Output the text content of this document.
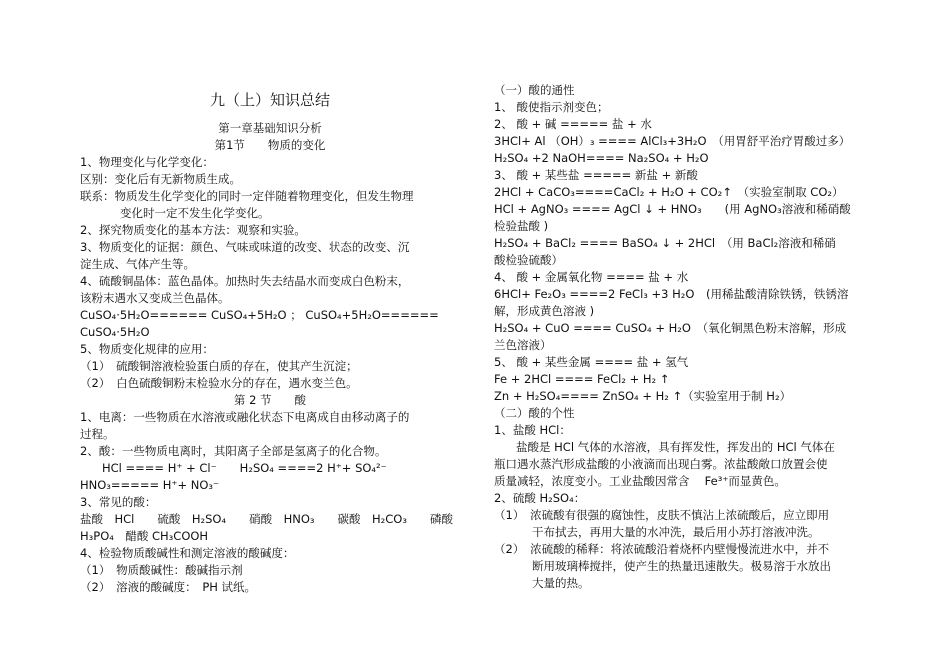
九（上）知识总结
第一章基础知识分析
第1节　　物质的变化
1、物理变化与化学变化：
区别：变化后有无新物质生成。
联系：物质发生化学变化的同时一定伴随着物理变化，但发生物理
变化时一定不发生化学变化。
2、探究物质变化的基本方法：观察和实验。
3、物质变化的证据：颜色、气味或味道的改变、状态的改变、沉
淀生成、气体产生等。
4、硫酸铜晶体：蓝色晶体。加热时失去结晶水而变成白色粉末，
该粉末遇水又变成兰色晶体。
CuSO₄·5H₂O====== CuSO₄+5H₂O ； CuSO₄+5H₂O======
CuSO₄·5H₂O
5、物质变化规律的应用：
（1）　硫酸铜溶液检验蛋白质的存在，使其产生沉淀；
（2）　白色硫酸铜粉末检验水分的存在，遇水变兰色。
第 2 节　　酸
1、电离：一些物质在水溶液或融化状态下电离成自由移动离子的
过程。
2、酸：一些物质电离时，其阳离子全部是氢离子的化合物。
HCl ==== H⁺ + Cl⁻　　H₂SO₄ ====2 H⁺+ SO₄²⁻
HNO₃===== H⁺+ NO₃⁻
3、常见的酸：
盐酸　HCl　　硫酸　H₂SO₄　　硝酸　HNO₃　　碳酸　H₂CO₃　　磷酸
H₃PO₄　醋酸 CH₃COOH
4、检验物质酸碱性和测定溶液的酸碱度：
（1）　物质酸碱性：酸碱指示剂
（2）　溶液的酸碱度：　PH 试纸。
（一）酸的通性
1、 酸使指示剂变色；
2、 酸 + 碱 ===== 盐 + 水
3HCl+ Al （OH）₃ ==== AlCl₃+3H₂O　（用胃舒平治疗胃酸过多）
H₂SO₄ +2 NaOH==== Na₂SO₄ + H₂O
3、 酸 + 某些盐 ===== 新盐 + 新酸
2HCl + CaCO₃====CaCl₂ + H₂O + CO₂↑　（实验室制取 CO₂）
HCl + AgNO₃ ==== AgCl ↓ + HNO₃　　(用 AgNO₃溶液和稀硝酸
检验盐酸 )
H₂SO₄ + BaCl₂ ==== BaSO₄ ↓ + 2HCl　（用 BaCl₂溶液和稀硝
酸检验硫酸）
4、 酸 + 金属氧化物 ==== 盐 + 水
6HCl+ Fe₂O₃ ====2 FeCl₃ +3 H₂O　(用稀盐酸清除铁锈，铁锈溶
解，形成黄色溶液 )
H₂SO₄ + CuO ==== CuSO₄ + H₂O　（氧化铜黑色粉末溶解，形成
兰色溶液）
5、 酸 + 某些金属 ==== 盐 + 氢气
Fe + 2HCl ==== FeCl₂ + H₂ ↑
Zn + H₂SO₄==== ZnSO₄ + H₂ ↑（实验室用于制 H₂）
（二）酸的个性
1、盐酸 HCl：
盐酸是 HCl 气体的水溶液，具有挥发性，挥发出的 HCl 气体在
瓶口遇水蒸汽形成盐酸的小液滴而出现白雾。浓盐酸敞口放置会使
质量减轻，浓度变小。工业盐酸因常含　 Fe³⁺而显黄色。
2、硫酸 H₂SO₄：
（1）　浓硫酸有很强的腐蚀性，皮肤不慎沾上浓硫酸后，应立即用
干布拭去，再用大量的水冲洗，最后用小苏打溶液冲洗。
（2）　浓硫酸的稀释：将浓硫酸沿着烧杯内壁慢慢流进水中，并不
断用玻璃棒搅拌，使产生的热量迅速散失。极易溶于水放出
大量的热。
